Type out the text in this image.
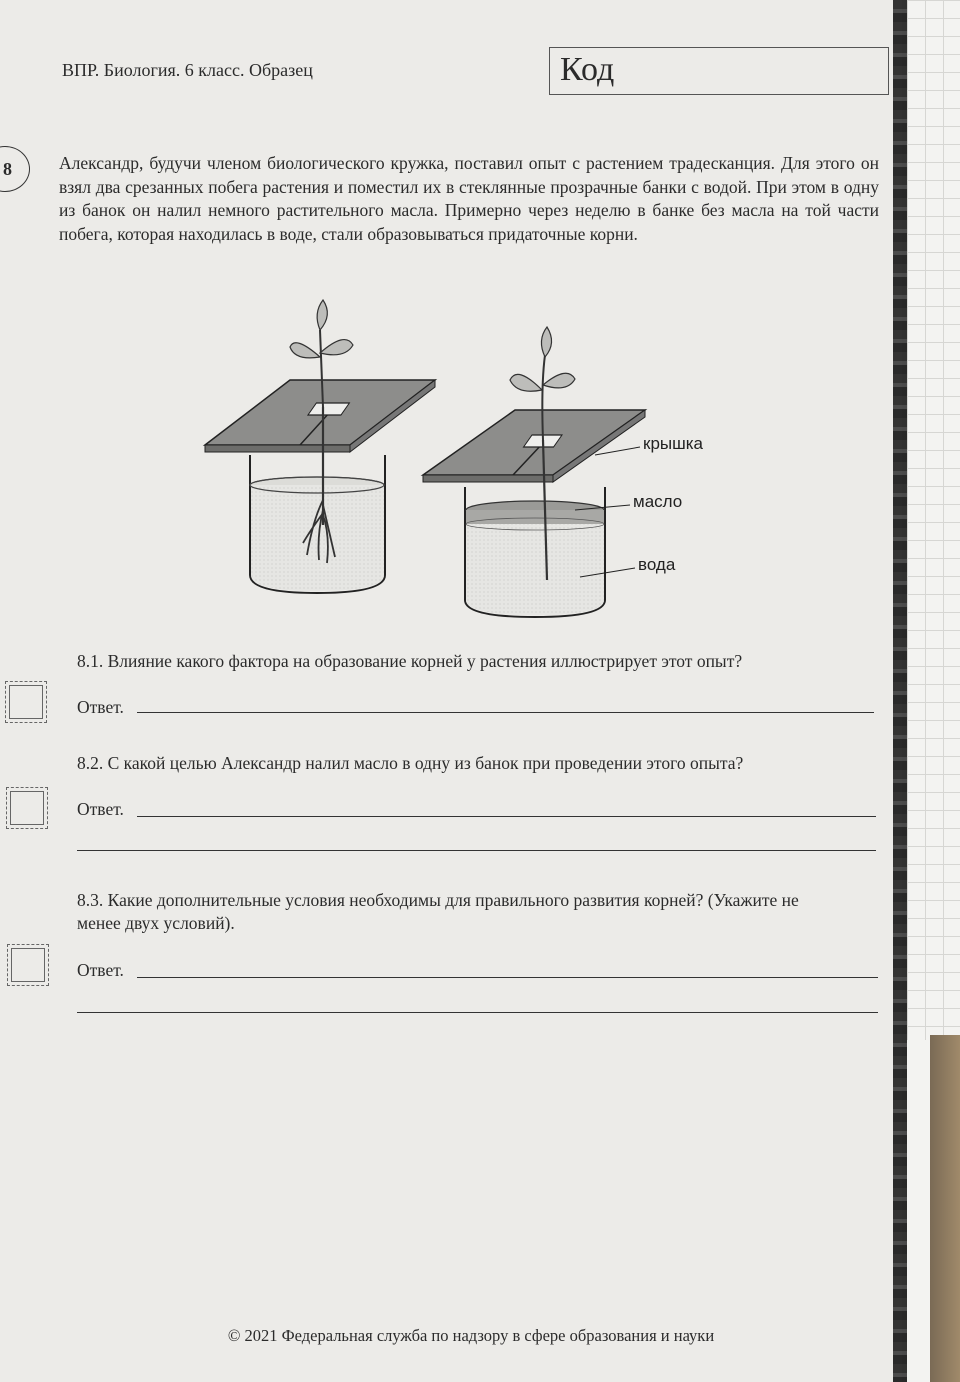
ВПР. Биология. 6 класс. Образец	Код
8	Александр, будучи членом биологического кружка, поставил опыт с растением традесканция. Для этого он взял два срезанных побега растения и поместил их в стеклянные прозрачные банки с водой. При этом в одну из банок он налил немного растительного масла. Примерно через неделю в банке без масла на той части побега, которая находилась в воде, стали образовываться придаточные корни.
крышка
масло
вода
8.1. Влияние какого фактора на образование корней у растения иллюстрирует этот опыт?
Ответ.
8.2. С какой целью Александр налил масло в одну из банок при проведении этого опыта?
Ответ.
8.3. Какие дополнительные условия необходимы для правильного развития корней? (Укажите не менее двух условий).
Ответ.
© 2021 Федеральная служба по надзору в сфере образования и науки
